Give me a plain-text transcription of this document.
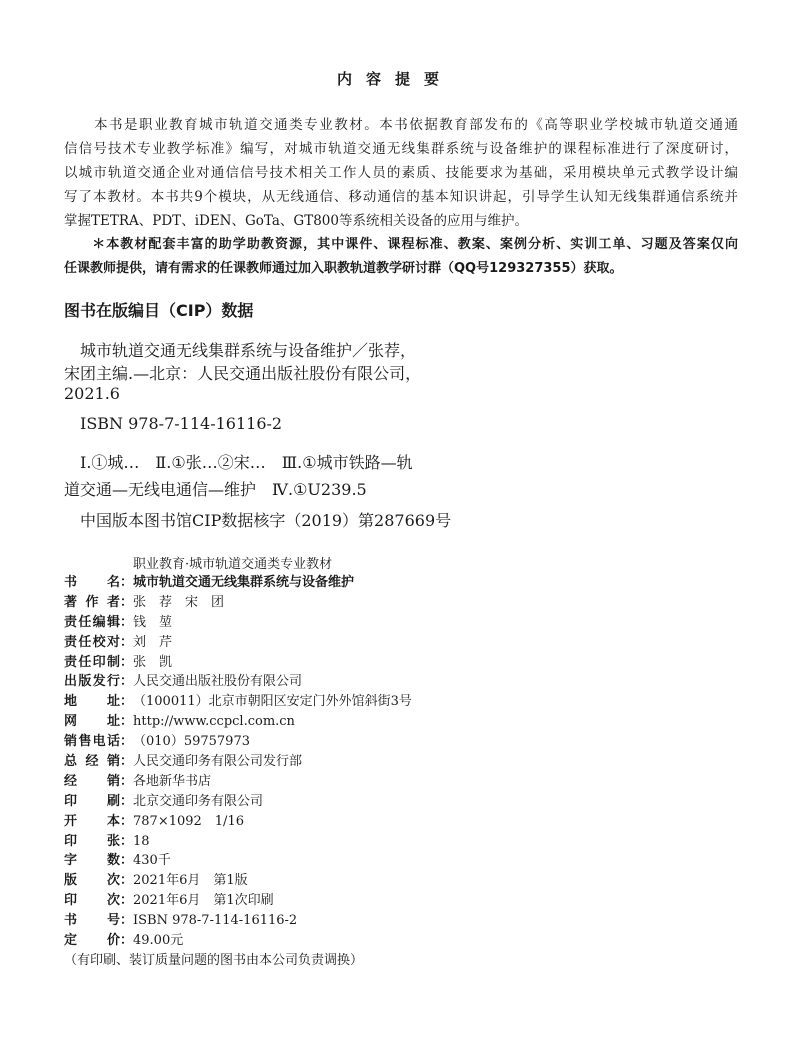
内容提要
　　本书是职业教育城市轨道交通类专业教材。本书依据教育部发布的《高等职业学校城市轨道交通通
信信号技术专业教学标准》编写，对城市轨道交通无线集群系统与设备维护的课程标准进行了深度研讨，
以城市轨道交通企业对通信信号技术相关工作人员的素质、技能要求为基础，采用模块单元式教学设计编
写了本教材。本书共9个模块，从无线通信、移动通信的基本知识讲起，引导学生认知无线集群通信系统并
掌握TETRA、PDT、iDEN、GoTa、GT800等系统相关设备的应用与维护。
　　＊本教材配套丰富的助学助教资源，其中课件、课程标准、教案、案例分析、实训工单、习题及答案仅向
任课教师提供，请有需求的任课教师通过加入职教轨道教学研讨群（QQ号129327355）获取。
图书在版编目（CIP）数据
　城市轨道交通无线集群系统与设备维护／张荐，
宋团主编.—北京：人民交通出版社股份有限公司，
2021.6
　ISBN 978-7-114-16116-2
　Ⅰ.①城…　Ⅱ.①张…②宋…　Ⅲ.①城市铁路—轨
道交通—无线电通信—维护　Ⅳ.①U239.5
　中国版本图书馆CIP数据核字（2019）第287669号
职业教育·城市轨道交通类专业教材
书名 ： 城市轨道交通无线集群系统与设备维护
著作者 ： 张　荐　宋　团
责任编辑 ： 钱　堃
责任校对 ： 刘　芹
责任印制 ： 张　凯
出版发行 ： 人民交通出版社股份有限公司
地址 ： （100011）北京市朝阳区安定门外外馆斜街3号
网址 ： http://www.ccpcl.com.cn
销售电话 ： （010）59757973
总经销 ： 人民交通印务有限公司发行部
经销 ： 各地新华书店
印刷 ： 北京交通印务有限公司
开本 ： 787×1092　1/16
印张 ： 18
字数 ： 430千
版次 ： 2021年6月　第1版
印次 ： 2021年6月　第1次印刷
书号 ： ISBN 978-7-114-16116-2
定价 ： 49.00元
（有印刷、装订质量问题的图书由本公司负责调换）
